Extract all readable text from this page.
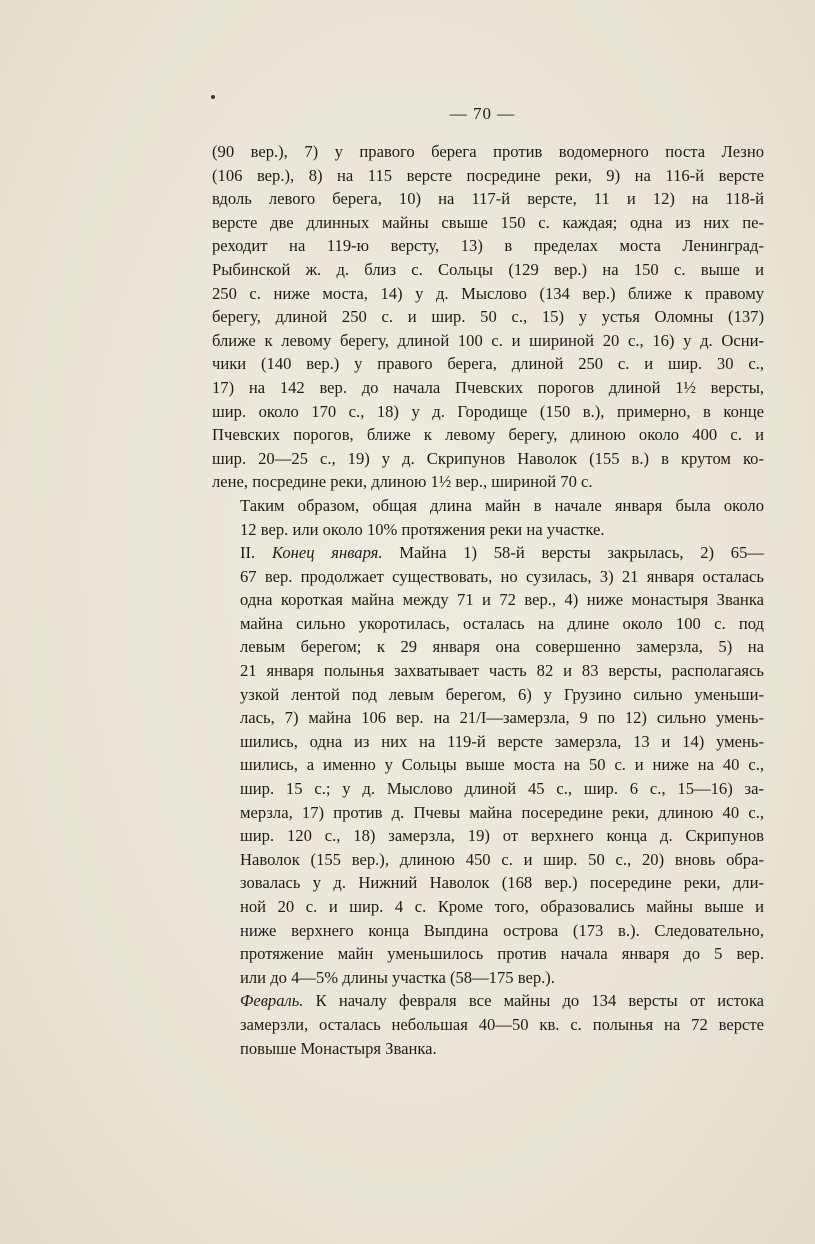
— 70 —

(90 вер.), 7) у правого берега против водомерного поста Лезно
(106 вер.), 8) на 115 версте посредине реки, 9) на 116-й версте
вдоль левого берега, 10) на 117-й версте, 11 и 12) на 118-й
версте две длинных майны свыше 150 с. каждая; одна из них пе-
реходит на 119-ю версту, 13) в пределах моста Ленинград-
Рыбинской ж. д. близ с. Сольцы (129 вер.) на 150 с. выше и
250 с. ниже моста, 14) у д. Мыслово (134 вер.) ближе к правому
берегу, длиной 250 с. и шир. 50 с., 15) у устья Оломны (137)
ближе к левому берегу, длиной 100 с. и шириной 20 с., 16) у д. Осни-
чики (140 вер.) у правого берега, длиной 250 с. и шир. 30 с.,
17) на 142 вер. до начала Пчевских порогов длиной 1½ версты,
шир. около 170 с., 18) у д. Городище (150 в.), примерно, в конце
Пчевских порогов, ближе к левому берегу, длиною около 400 с. и
шир. 20—25 с., 19) у д. Скрипунов Наволок (155 в.) в крутом ко-
лене, посредине реки, длиною 1½ вер., шириной 70 с.

Таким образом, общая длина майн в начале января была около
12 вер. или около 10% протяжения реки на участке.

II. Конец января. Майна 1) 58-й версты закрылась, 2) 65—
67 вер. продолжает существовать, но сузилась, 3) 21 января осталась
одна короткая майна между 71 и 72 вер., 4) ниже монастыря Званка
майна сильно укоротилась, осталась на длине около 100 с. под
левым берегом; к 29 января она совершенно замерзла, 5) на
21 января полынья захватывает часть 82 и 83 версты, располагаясь
узкой лентой под левым берегом, 6) у Грузино сильно уменьши-
лась, 7) майна 106 вер. на 21/I—замерзла, 9 по 12) сильно умень-
шились, одна из них на 119-й версте замерзла, 13 и 14) умень-
шились, а именно у Сольцы выше моста на 50 с. и ниже на 40 с.,
шир. 15 с.; у д. Мыслово длиной 45 с., шир. 6 с., 15—16) за-
мерзла, 17) против д. Пчевы майна посередине реки, длиною 40 с.,
шир. 120 с., 18) замерзла, 19) от верхнего конца д. Скрипунов
Наволок (155 вер.), длиною 450 с. и шир. 50 с., 20) вновь обра-
зовалась у д. Нижний Наволок (168 вер.) посередине реки, дли-
ной 20 с. и шир. 4 с. Кроме того, образовались майны выше и
ниже верхнего конца Выпдина острова (173 в.). Следовательно,
протяжение майн уменьшилось против начала января до 5 вер.
или до 4—5% длины участка (58—175 вер.).

Февраль. К началу февраля все майны до 134 версты от истока
замерзли, осталась небольшая 40—50 кв. с. полынья на 72 версте
повыше Монастыря Званка.
